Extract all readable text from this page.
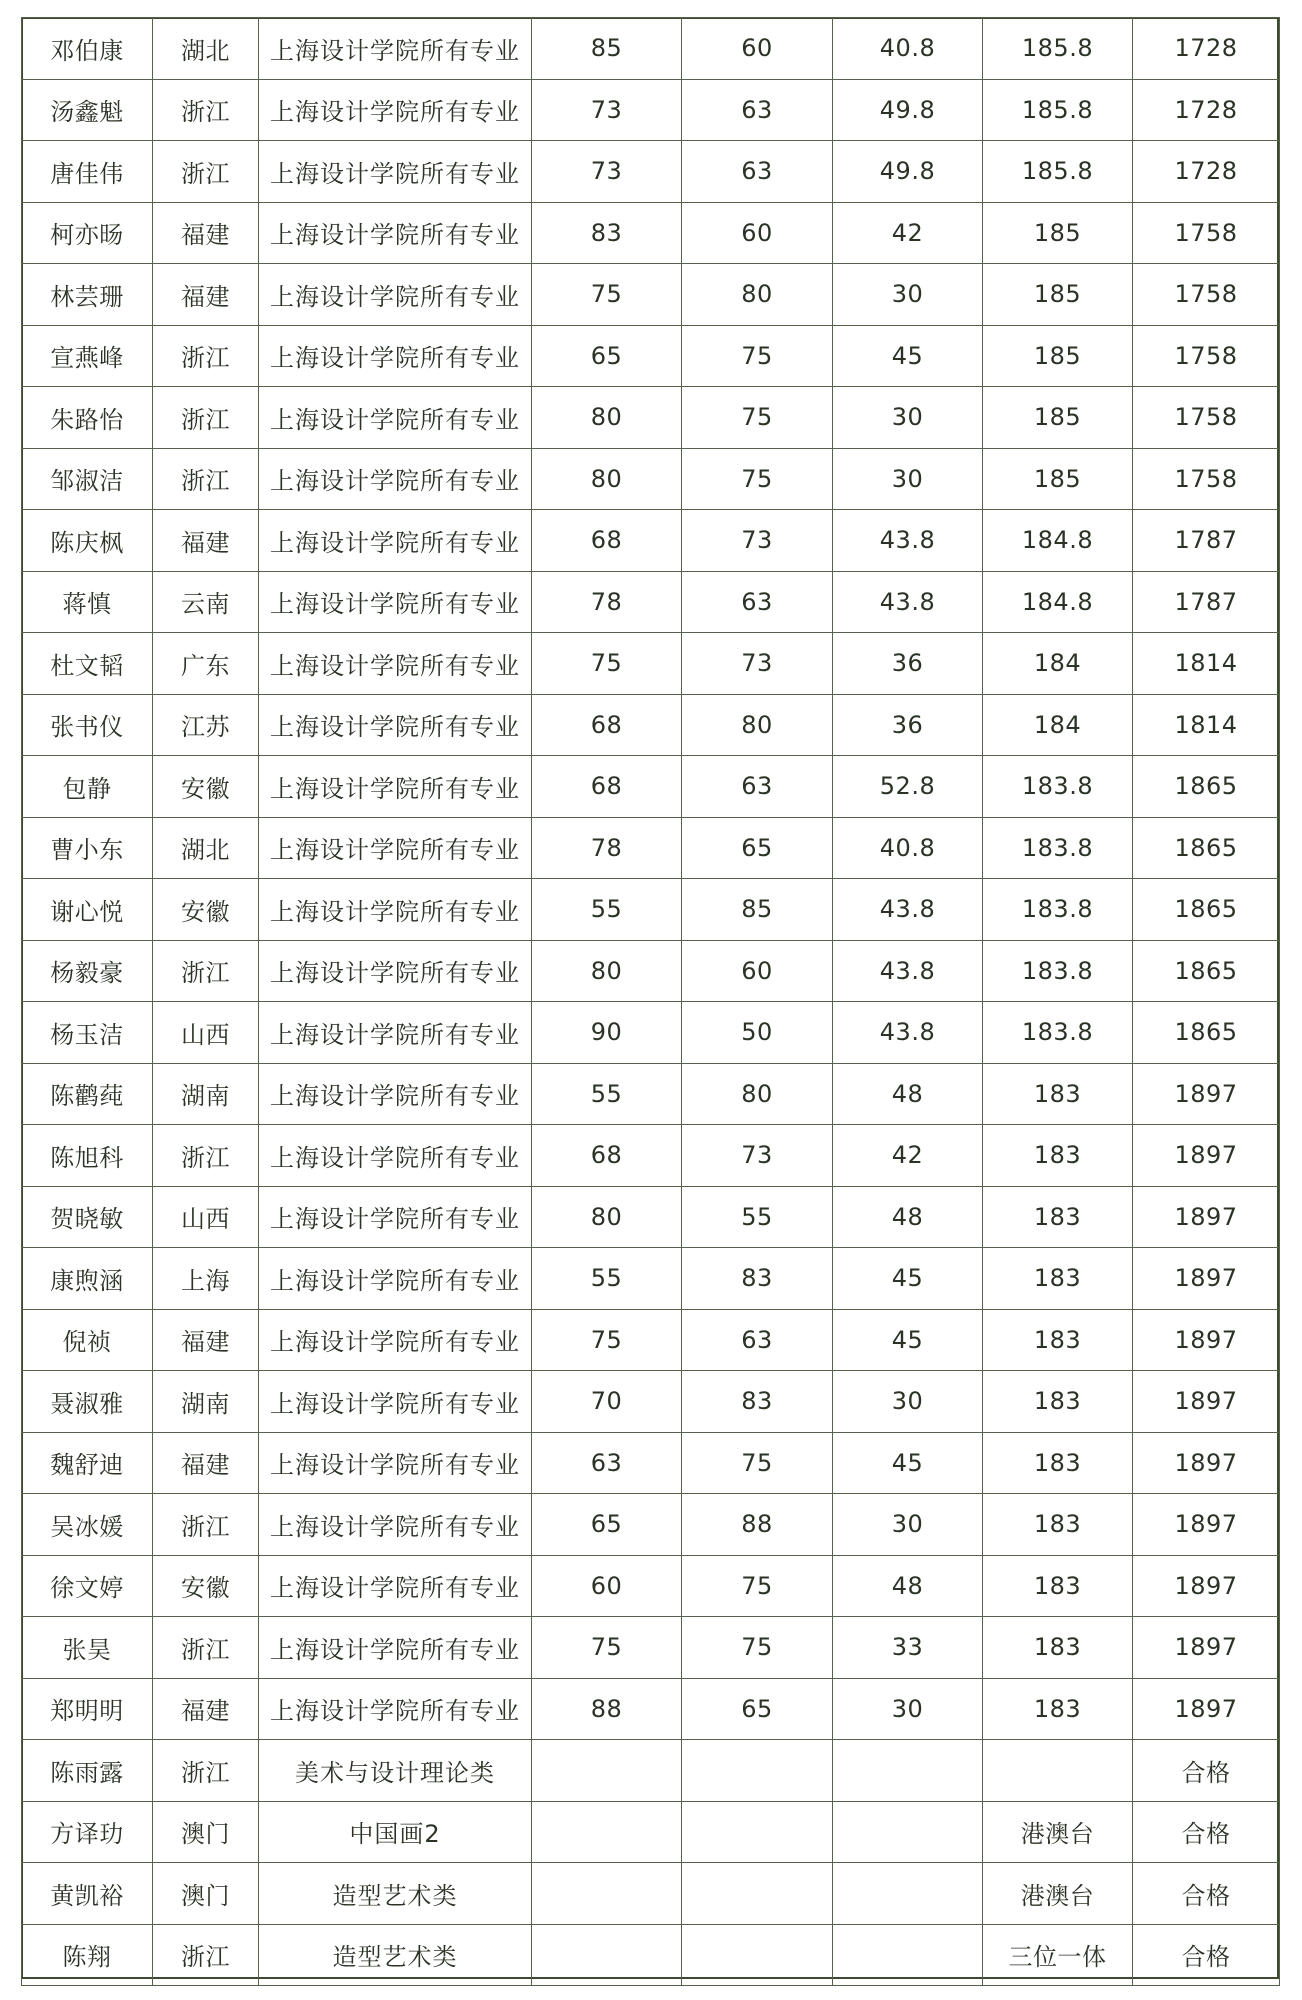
邓伯康	湖北	上海设计学院所有专业	85	60	40.8	185.8	1728
汤鑫魁	浙江	上海设计学院所有专业	73	63	49.8	185.8	1728
唐佳伟	浙江	上海设计学院所有专业	73	63	49.8	185.8	1728
柯亦旸	福建	上海设计学院所有专业	83	60	42	185	1758
林芸珊	福建	上海设计学院所有专业	75	80	30	185	1758
宣燕峰	浙江	上海设计学院所有专业	65	75	45	185	1758
朱路怡	浙江	上海设计学院所有专业	80	75	30	185	1758
邹淑洁	浙江	上海设计学院所有专业	80	75	30	185	1758
陈庆枫	福建	上海设计学院所有专业	68	73	43.8	184.8	1787
蒋慎	云南	上海设计学院所有专业	78	63	43.8	184.8	1787
杜文韬	广东	上海设计学院所有专业	75	73	36	184	1814
张书仪	江苏	上海设计学院所有专业	68	80	36	184	1814
包静	安徽	上海设计学院所有专业	68	63	52.8	183.8	1865
曹小东	湖北	上海设计学院所有专业	78	65	40.8	183.8	1865
谢心悦	安徽	上海设计学院所有专业	55	85	43.8	183.8	1865
杨毅豪	浙江	上海设计学院所有专业	80	60	43.8	183.8	1865
杨玉洁	山西	上海设计学院所有专业	90	50	43.8	183.8	1865
陈鹳莼	湖南	上海设计学院所有专业	55	80	48	183	1897
陈旭科	浙江	上海设计学院所有专业	68	73	42	183	1897
贺晓敏	山西	上海设计学院所有专业	80	55	48	183	1897
康煦涵	上海	上海设计学院所有专业	55	83	45	183	1897
倪祯	福建	上海设计学院所有专业	75	63	45	183	1897
聂淑雅	湖南	上海设计学院所有专业	70	83	30	183	1897
魏舒迪	福建	上海设计学院所有专业	63	75	45	183	1897
吴冰媛	浙江	上海设计学院所有专业	65	88	30	183	1897
徐文婷	安徽	上海设计学院所有专业	60	75	48	183	1897
张昊	浙江	上海设计学院所有专业	75	75	33	183	1897
郑明明	福建	上海设计学院所有专业	88	65	30	183	1897
陈雨露	浙江	美术与设计理论类					合格
方译玏	澳门	中国画2				港澳台	合格
黄凯裕	澳门	造型艺术类				港澳台	合格
陈翔	浙江	造型艺术类				三位一体	合格
